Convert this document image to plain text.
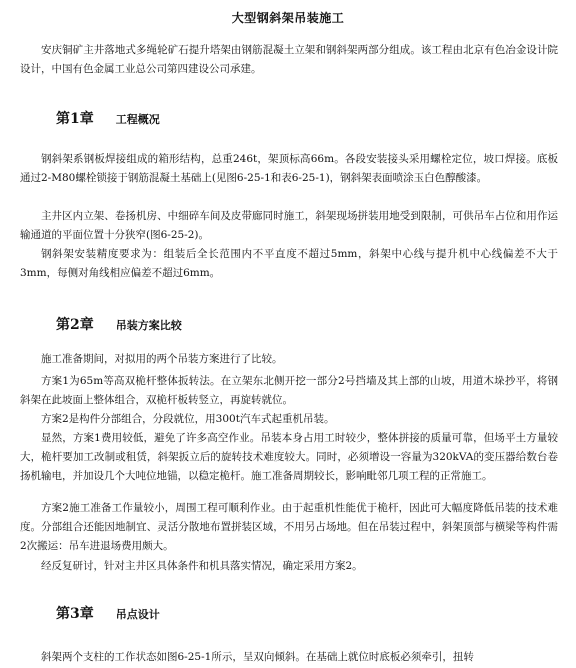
大型钢斜架吊装施工

安庆铜矿主井落地式多绳轮矿石提升塔架由钢筋混凝土立架和钢斜架两部分组成。该工程由北京有色冶金设计院设计，中国有色金属工业总公司第四建设公司承建。

第1章 工程概况

钢斜架系钢板焊接组成的箱形结构，总重246t，架顶标高66m。各段安装接头采用螺栓定位，坡口焊接。底板通过2-M80螺栓锁接于钢筋混凝土基础上(见图6-25-1和表6-25-1)，钢斜架表面喷涂玉白色醇酸漆。

主井区内立架、卷扬机房、中细碎车间及皮带廊同时施工，斜架现场拼装用地受到限制，可供吊车占位和用作运输通道的平面位置十分狭窄(图6-25-2)。

钢斜架安装精度要求为：组装后全长范围内不平直度不超过5mm，斜架中心线与提升机中心线偏差不大于3mm，每侧对角线相应偏差不超过6mm。

第2章 吊装方案比较

施工准备期间，对拟用的两个吊装方案进行了比较。

方案1为65m等高双桅杆整体扳转法。在立架东北侧开挖一部分2号挡墙及其上部的山坡，用道木垛抄平，将钢斜架在此坡面上整体组合，双桅杆板转竖立，再旋转就位。

方案2是构件分部组合，分段就位，用300t汽车式起重机吊装。

显然，方案1费用较低，避免了许多高空作业。吊装本身占用工时较少，整体拼接的质量可靠，但场平土方量较大，桅杆要加工改制或租赁，斜架扳立后的旋转技术难度较大。同时，必须增设一容量为320kVA的变压器给数台卷扬机输电，并加设几个大吨位地锚，以稳定桅杆。施工准备周期较长，影响毗邻几项工程的正常施工。

方案2施工准备工作量较小，周围工程可顺利作业。由于起重机性能优于桅杆，因此可大幅度降低吊装的技术难度。分部组合还能因地制宜、灵活分散地布置拼装区域，不用另占场地。但在吊装过程中，斜架顶部与横梁等构件需2次搬运：吊车进退场费用颇大。

经反复研讨，针对主井区具体条件和机具落实情况，确定采用方案2。

第3章 吊点设计

斜架两个支柱的工作状态如图6-25-1所示，呈双向倾斜。在基础上就位时底板必须牵引，扭转
